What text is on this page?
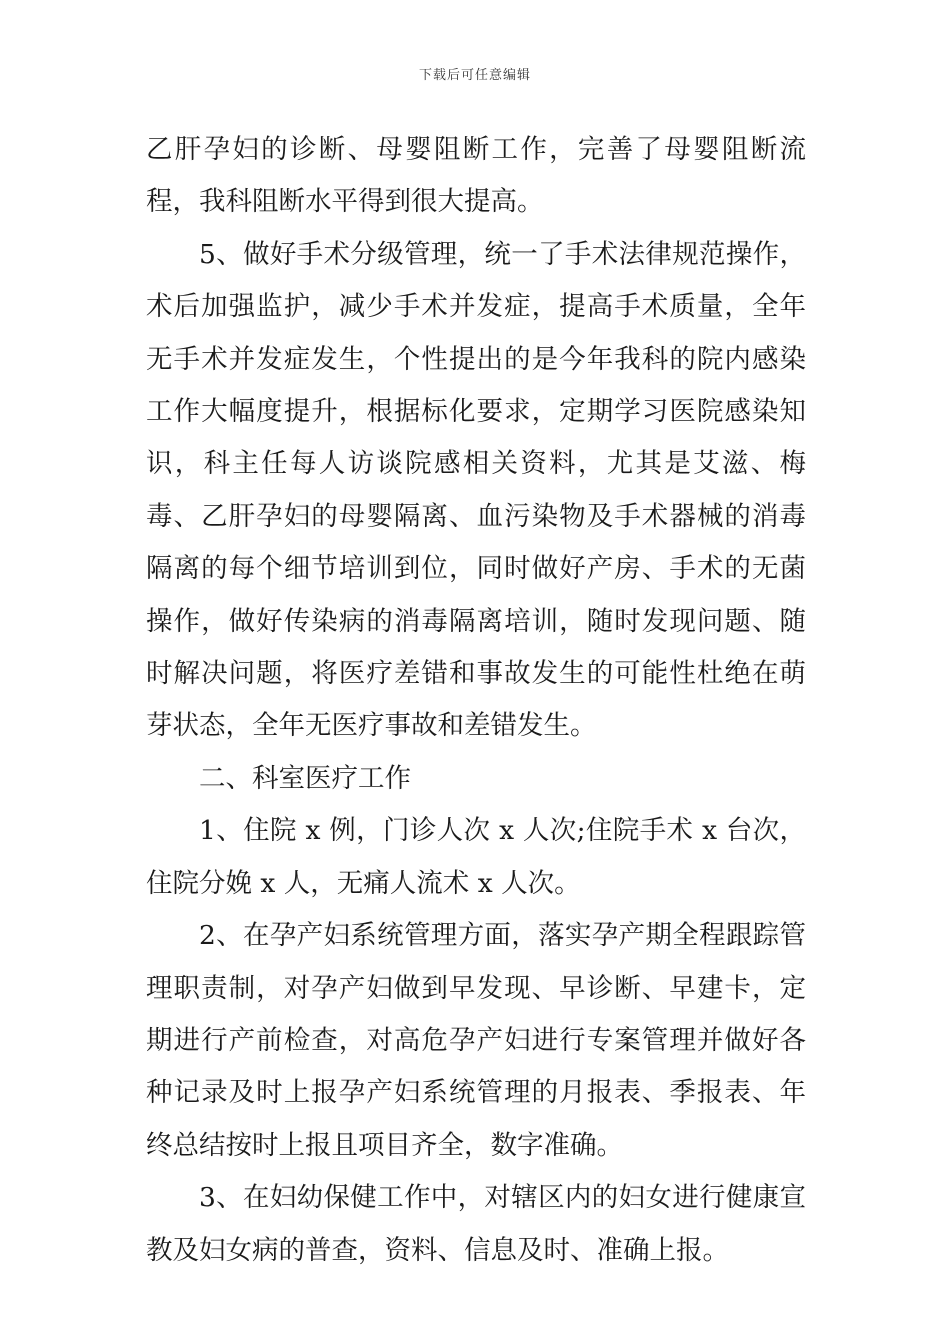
下载后可任意编辑

乙肝孕妇的诊断、母婴阻断工作，完善了母婴阻断流程，我科阻断水平得到很大提高。

5、做好手术分级管理，统一了手术法律规范操作，术后加强监护，减少手术并发症，提高手术质量，全年无手术并发症发生，个性提出的是今年我科的院内感染工作大幅度提升，根据标化要求，定期学习医院感染知识，科主任每人访谈院感相关资料，尤其是艾滋、梅毒、乙肝孕妇的母婴隔离、血污染物及手术器械的消毒隔离的每个细节培训到位，同时做好产房、手术的无菌操作，做好传染病的消毒隔离培训，随时发现问题、随时解决问题，将医疗差错和事故发生的可能性杜绝在萌芽状态，全年无医疗事故和差错发生。

二、科室医疗工作

1、住院 x 例，门诊人次 x 人次;住院手术 x 台次，住院分娩 x 人，无痛人流术 x 人次。

2、在孕产妇系统管理方面，落实孕产期全程跟踪管理职责制，对孕产妇做到早发现、早诊断、早建卡，定期进行产前检查，对高危孕产妇进行专案管理并做好各种记录及时上报孕产妇系统管理的月报表、季报表、年终总结按时上报且项目齐全，数字准确。

3、在妇幼保健工作中，对辖区内的妇女进行健康宣教及妇女病的普查，资料、信息及时、准确上报。
